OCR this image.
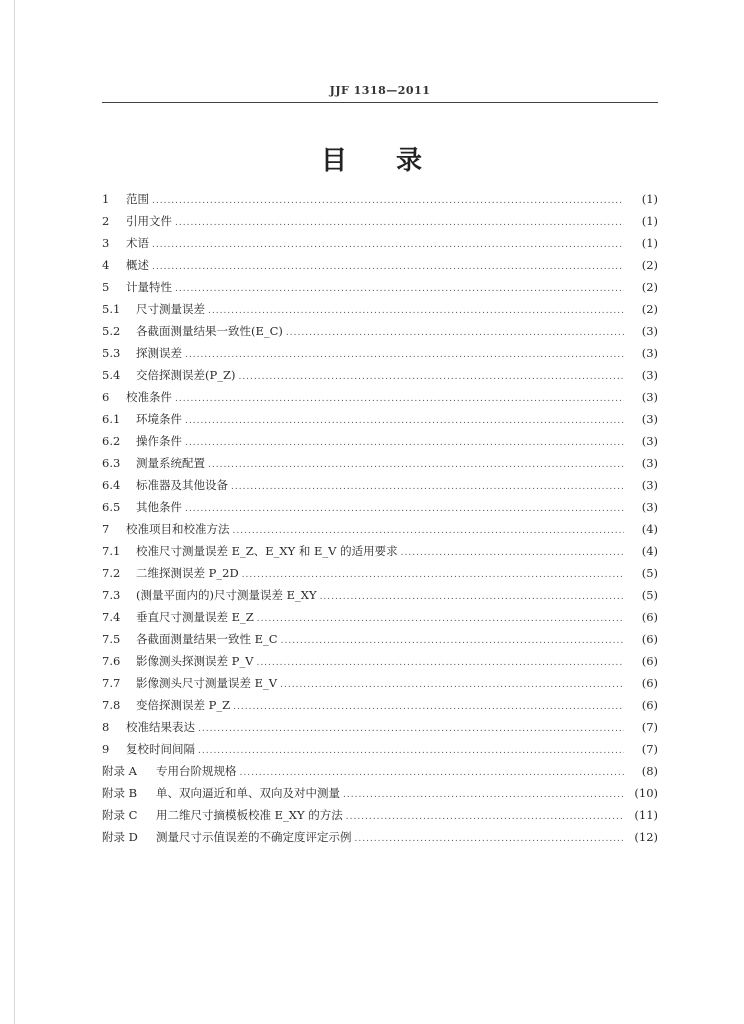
JJF 1318—2011
目 录
1	范围 .....	(1)
2	引用文件 .....	(1)
3	术语 .....	(1)
4	概述 .....	(2)
5	计量特性 .....	(2)
5.1	尺寸测量误差 .....	(2)
5.2	各截面测量结果一致性(E_C) .....	(3)
5.3	探测误差 .....	(3)
5.4	交倍探测误差(P_Z) .....	(3)
6	校准条件 .....	(3)
6.1	环境条件 .....	(3)
6.2	操作条件 .....	(3)
6.3	测量系统配置 .....	(3)
6.4	标准器及其他设备 .....	(3)
6.5	其他条件 .....	(3)
7	校准项目和校准方法 .....	(4)
7.1	校准尺寸测量误差 E_Z、E_XY 和 E_V 的适用要求 .....	(4)
7.2	二维探测误差 P_2D .....	(5)
7.3	(测量平面内的)尺寸测量误差 E_XY .....	(5)
7.4	垂直尺寸测量误差 E_Z .....	(6)
7.5	各截面测量结果一致性 E_C .....	(6)
7.6	影像测头探测误差 P_V .....	(6)
7.7	影像测头尺寸测量误差 E_V .....	(6)
7.8	变倍探测误差 P_Z .....	(6)
8	校准结果表达 .....	(7)
9	复校时间间隔 .....	(7)
附录 A	专用台阶规规格 .....	(8)
附录 B	单、双向逼近和单、双向及对中测量 .....	(10)
附录 C	用二维尺寸摘模板校准 E_XY 的方法 .....	(11)
附录 D	测量尺寸示值误差的不确定度评定示例 .....	(12)
